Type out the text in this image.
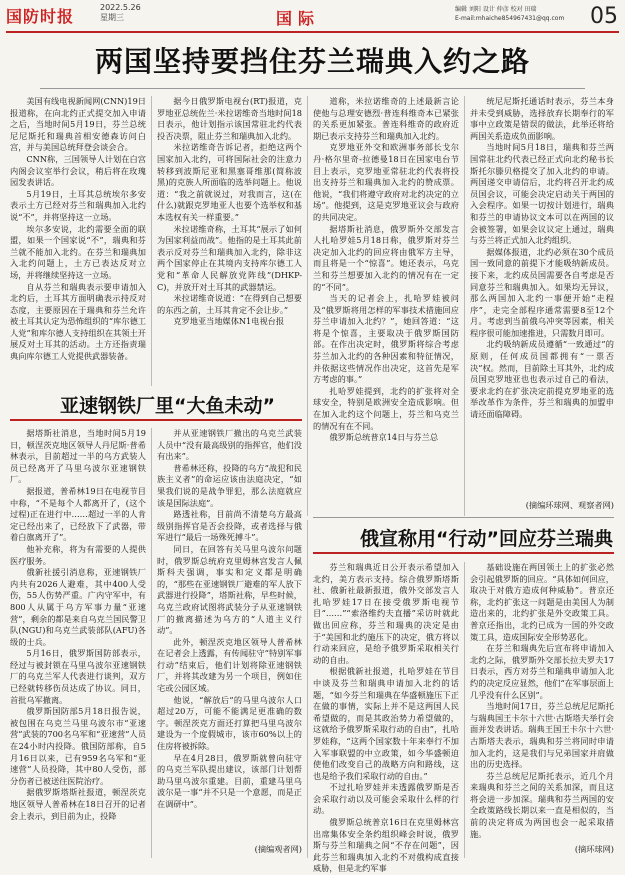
国防时报	2022.5.26
星期三	国际	编辑 刘阳 设计 仲彦 校对 田瑞
E-mail:mhaiche854967431@qq.com	05
两国坚持要挡住芬兰瑞典入约之路

美国有线电视新闻网(CNN)19日报道称，在向北约正式提交加入申请之后，当地时间5月19日，芬兰总统尼尼斯托和瑞典首相安德森访问白宫，并与美国总统拜登会谈会合。

CNN称，三国领导人计划在白宫内阁会议室举行会议，稍后将在玫瑰园发表讲话。

5月19日，土耳其总统埃尔多安表示土方已经对芬兰和瑞典加入北约说“不”，并将坚持这一立场。

埃尔多安说，北约需要全面的联盟，如果一个国家说“不”，瑞典和芬兰就不能加入北约。在芬兰和瑞典加入北约问题上，土方已表达反对立场，并将继续坚持这一立场。

自从芬兰和瑞典表示要申请加入北约后，土耳其方面明确表示持反对态度，主要原因在于瑞典和芬兰允许被土耳其认定为恐怖组织的“库尔德工人党”和库尔德人支持组织在其领土开展反对土耳其的活动。土方还指责瑞典向库尔德工人党提供武器装备。

据今日俄罗斯电视台(RT)报道，克罗地亚总统佐兰·米拉诺维奇当地时间18日表示，他计划指示该国常驻北约代表投否决票，阻止芬兰和瑞典加入北约。

米拉诺维奇告诉记者，拒绝这两个国家加入北约，可将国际社会的注意力转移到波斯尼亚和黑塞哥维那(简称波黑)的克族人所面临的选举问题上。他说道：“我之前就说过，对我而言，这(在什么)就跟克罗地亚人也要个选举权和基本选权有关一样重要。”

米拉诺维奇称，土耳其“展示了如何为国家利益而战”。他指的是土耳其此前表示反对芬兰和瑞典加入北约，除非这两个国家停止在其境内支持库尔德工人党和“革命人民解放党阵线”(DHKP-C)，并放开对土耳其的武器禁运。

米拉诺维奇说道：“在得到自己想要的东西之前，土耳其肯定不会让步。”

克罗地亚当地媒体N1电视台报

道称，米拉诺维奇的上述最新言论使他与总理安德烈·普连科维奇本已紧张的关系更加紧张。普连科维奇的政府近期已表示支持芬兰和瑞典加入北约。

克罗地亚外交和欧洲事务部长戈尔丹·格尔里奇-拉德曼18日在国家电台节目上表示，克罗地亚常驻北约代表将投出支持芬兰和瑞典加入北约的赞成票。他说，“我们将遵守政府对北约决定的立场”。他提到，这是克罗地亚议会与政府的共同决定。

据塔斯社消息，俄罗斯外交部发言人扎哈罗娃5月18日称，俄罗斯对芬兰决定加入北约的回应将由俄军方主导，而且将是一个“惊喜”。她还表示，乌克兰和芬兰想要加入北约的情况有在一定的“不同”。

当天的记者会上，扎哈罗娃被问及“俄罗斯将用怎样的军事技术措施回应芬兰申请加入北约？”，她回答道：“这将是个惊喜，主要取决于俄罗斯国防部。在作出决定时，俄罗斯将综合考虑芬兰加入北约的各种因素和特征情况，并依据这些情况作出决定，这首先是军方考虑的事。”

扎哈罗娃提到，北约的扩张将对全球安全，特别是欧洲安全造成影响。但在加入北约这个问题上，芬兰和乌克兰的情况有在不同。

俄罗斯总统普京14日与芬兰总

统尼尼斯托通话时表示，芬兰本身并未受到威胁，选择放弃长期奉行的军事中立政策是错误的做法，此举还将给两国关系造成负面影响。

当地时间5月18日，瑞典和芬兰两国常驻北约代表已经正式向北约秘书长斯托尔滕贝格提交了加入北约的申请。两国递交申请信后，北约将召开北约成员国会议，可能会决定启动关于两国的入会程序。如果一切按计划进行，瑞典和芬兰的申请协议文本可以在两国的议会被签署，如果会议议定上通过，瑞典与芬兰将正式加入北约组织。

据媒体报道，北约必须在30个成员国一致同意的前提下才能吸纳新成员。接下来，北约成员国需要各自考虑是否同意芬兰和瑞典加入。如果均无异议，那么两国加入北约一事便开始“走程序”，走完全部程序通常需要8至12个月。考虑到当前俄乌冲突等因素，相关程序很可能加速推进，只需数月即可。

北约吸纳新成员遵循“一致通过”的原则，任何成员国都拥有“一票否决”权。然而，目前除土耳其外，北约成员国克罗地亚也也表示过自己的看法，要求北约在扩张决定前提克罗地亚的选举改革作为条件，芬兰和瑞典的加盟申请还面临障碍。

(摘编环球网、观察者网)

亚速钢铁厂里“大鱼未动”

据塔斯社消息，当地时间5月19日，顿涅茨克地区领导人丹尼斯·普希林表示，目前超过一半的乌方武装人员已经离开了马里乌波尔亚速钢铁厂。

据报道，普希林19日在电视节目中称，“不是每个人都离开了，(这个过程)正在进行中……超过一半的人肯定已经出来了，已经放下了武器，带着白旗离开了”。

他补充称，将为有需要的人提供医疗服务。

俄新社援引消息称，亚速钢铁厂内共有2026人避难，其中400人受伤，55人伤势严重。广内守军中，有800人从属于乌方军事力量“亚速营”，剩余的都是来自乌克兰国民警卫队(NGU)和乌克兰武装部队(AFU)各级的士兵。

5月16日，俄罗斯国防部表示，经过与被封锁在马里乌波尔亚速钢铁厂的乌克兰军人代表进行谈判，双方已经就转移伤员达成了协议。同日，首批乌军撤离。

俄罗斯国防部5月18日报告说，被包围在乌克兰马里乌波尔市“亚速营”武装的700名乌军和“亚速营”人员在24小时内投降。俄国防部称，自5月16日以来，已有959名乌军和“亚速营”人员投降，其中80人受伤，部分伤者已被送往医院治疗。

据俄罗斯塔斯社报道，顿涅茨克地区领导人普希林在18日召开的记者会上表示，到目前为止，投降

并从亚速钢铁厂撤出的乌克兰武装人员中“没有最高级别的指挥官，他们没有出来”。

普希林还称，投降的乌方“战犯和民族主义者”的命运应该由法庭决定，“如果我们说的是战争罪犯，那么法庭就应该是国际法庭”。

路透社称，目前尚不清楚乌方最高级别指挥官是否会投降，或者选择与俄军进行“最后一场殊死搏斗”。

同日，在回答有关马里乌波尔问题时，俄罗斯总统府克里姆林宫发言人佩斯科夫强调，事实和定义都是明确的，“那些在亚速钢铁厂避难的军人放下武器进行投降”，塔斯社称，早些时候，乌克兰政府试图将武装分子从亚速钢铁厂的撤离描述为乌方的“人道主义行动”。

此外，顿涅茨克地区领导人普希林在记者会上透露，有传闻驻守“特别军事行动”结束后，他们计划将除亚速钢铁厂，并将其改建为另一个项目，例如住宅或公园区域。

他说，“解放后”的马里乌波尔人口超过20万，可能不能满足更准确的数字。顿涅茨克方面还打算把马里乌波尔建设为一个度假城市，该市60%以上的住房将被拆除。

早在4月28日，俄罗斯就曾向驻守的乌克兰军队提出建议，该部门计划帮助马里乌波尔重建。目前，重建马里乌波尔是一事“并不只是一个意愿，而是正在调研中”。

(摘编观者网)

俄宣称用“行动”回应芬兰瑞典

芬兰和瑞典近日公开表示希望加入北约，美方表示支持。综合俄罗斯塔斯社、俄新社最新报道，俄外交部发言人扎哈罗娃17日在接受俄罗斯电视节目“……”“索洛维约夫直播”采访时就此做出回应称，芬兰和瑞典的决定是由于“美国和北约施压下的决定，俄方将以行动来回应，是给予俄罗斯采取相关行动的自由。

根据俄新社报道，扎哈罗娃在节目中谈及芬兰和瑞典申请加入北约的话题，“如今芬兰和瑞典在华盛顿施压下正在做的事情，实际上并不是这两国人民希望做的，而是其政治势力希望做的，这就给予俄罗斯采取行动的自由”，扎哈罗娃称，“这两个国家数十年来奉行不加入军事联盟的中立政策，如今华盛顿迫使他们改变自己的战略方向和路线，这也是给予我们采取行动的自由。”

不过扎哈罗娃并未透露俄罗斯是否会采取行动以及可能会采取什么样的行动。

俄罗斯总统普京16日在克里姆林宫出席集体安全条约组织峰会时说，俄罗斯与芬兰和瑞典之间“不存在问题”，因此芬兰和瑞典加入北约不对俄构成直接威胁，但是北约军事

基础设施在两国领土上的扩张必然会引起俄罗斯的回应。“具体如何回应，取决于对俄方造成何种威胁”。普京还称，北约扩张这一问题是由美国人为制造出来的，北约扩张是外交政策工具。普京还指出，北约已成为一国的外交政策工具，造成国际安全形势恶化。

在芬兰和瑞典先后宣布将申请加入北约之际，俄罗斯外交部长拉夫罗夫17日表示，西方对芬兰和瑞典申请加入北约的决定反应显然，他们“在军事层面上几乎没有什么区别”。

当地时间17日，芬兰总统尼尼斯托与瑞典国王卡尔十六世·古斯塔夫举行会面并发表讲话。瑞典王国王卡尔十六世·古斯塔夫表示，瑞典和芬兰将同时申请加入北约，这是我们与兄弟国家并肩做出的历史选择。

芬兰总统尼尼斯托表示，近几个月来瑞典和芬兰之间的关系加深，而且这将会进一步加深。瑞典和芬兰两国的安全政策路线长期以来一直是相似的，当前的决定将成为两国也会一起采取措施。

(摘环球网)
